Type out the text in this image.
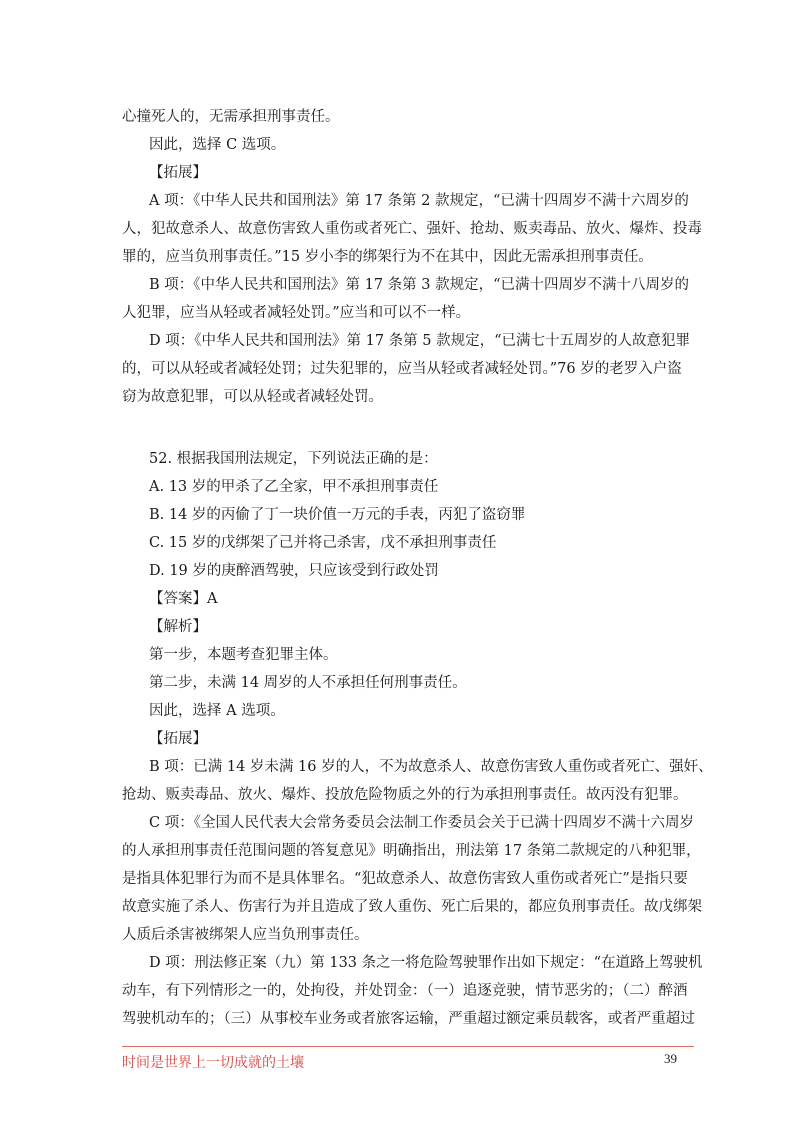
心撞死人的，无需承担刑事责任。
因此，选择 C 选项。
【拓展】
A 项：《中华人民共和国刑法》第 17 条第 2 款规定，“已满十四周岁不满十六周岁的
人，犯故意杀人、故意伤害致人重伤或者死亡、强奸、抢劫、贩卖毒品、放火、爆炸、投毒
罪的，应当负刑事责任。”15 岁小李的绑架行为不在其中，因此无需承担刑事责任。
B 项：《中华人民共和国刑法》第 17 条第 3 款规定，“已满十四周岁不满十八周岁的
人犯罪，应当从轻或者减轻处罚。”应当和可以不一样。
D 项：《中华人民共和国刑法》第 17 条第 5 款规定，“已满七十五周岁的人故意犯罪
的，可以从轻或者减轻处罚；过失犯罪的，应当从轻或者减轻处罚。”76 岁的老罗入户盗
窃为故意犯罪，可以从轻或者减轻处罚。
52. 根据我国刑法规定，下列说法正确的是：
A. 13 岁的甲杀了乙全家，甲不承担刑事责任
B. 14 岁的丙偷了丁一块价值一万元的手表，丙犯了盗窃罪
C. 15 岁的戊绑架了己并将己杀害，戊不承担刑事责任
D. 19 岁的庚醉酒驾驶，只应该受到行政处罚
【答案】A
【解析】
第一步，本题考查犯罪主体。
第二步，未满 14 周岁的人不承担任何刑事责任。
因此，选择 A 选项。
【拓展】
B 项：已满 14 岁未满 16 岁的人，不为故意杀人、故意伤害致人重伤或者死亡、强奸、
抢劫、贩卖毒品、放火、爆炸、投放危险物质之外的行为承担刑事责任。故丙没有犯罪。
C 项：《全国人民代表大会常务委员会法制工作委员会关于已满十四周岁不满十六周岁
的人承担刑事责任范围问题的答复意见》明确指出，刑法第 17 条第二款规定的八种犯罪，
是指具体犯罪行为而不是具体罪名。“犯故意杀人、故意伤害致人重伤或者死亡”是指只要
故意实施了杀人、伤害行为并且造成了致人重伤、死亡后果的，都应负刑事责任。故戊绑架
人质后杀害被绑架人应当负刑事责任。
D 项：刑法修正案（九）第 133 条之一将危险驾驶罪作出如下规定：“在道路上驾驶机
动车，有下列情形之一的，处拘役，并处罚金：（一）追逐竞驶，情节恶劣的；（二）醉酒
驾驶机动车的；（三）从事校车业务或者旅客运输，严重超过额定乘员载客，或者严重超过
时间是世界上一切成就的土壤	39
